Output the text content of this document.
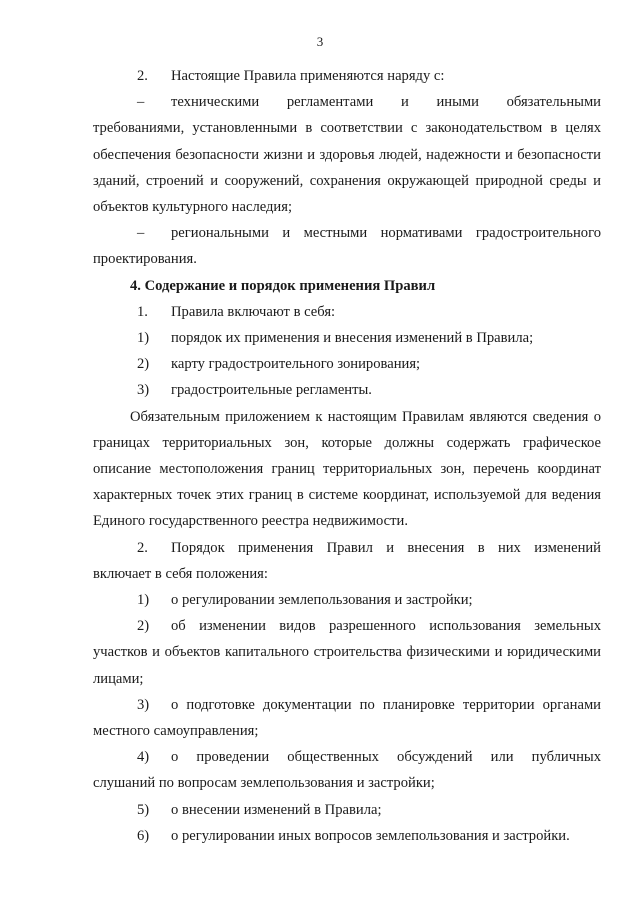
3
2.	Настоящие Правила применяются наряду с:
–	техническими регламентами и иными обязательными

требованиями, установленными в соответствии с законодательством в целях обеспечения безопасности жизни и здоровья людей, надежности и безопасности зданий, строений и сооружений, сохранения окружающей природной среды и объектов культурного наследия;

–	региональными и местными нормативами градостроительного

проектирования.

4. Содержание и порядок применения Правил

1.	Правила включают в себя:
1)	порядок их применения и внесения изменений в Правила;
2)	карту градостроительного зонирования;
3)	градостроительные регламенты.

Обязательным приложением к настоящим Правилам являются сведения о границах территориальных зон, которые должны содержать графическое описание местоположения границ территориальных зон, перечень координат характерных точек этих границ в системе координат, используемой для ведения Единого государственного реестра недвижимости.

2.	Порядок применения Правил и внесения в них изменений

включает в себя положения:

1)	о регулировании землепользования и застройки;
2)	об изменении видов разрешенного использования земельных

участков и объектов капитального строительства физическими и юридическими лицами;

3)	о подготовке документации по планировке территории органами

местного самоуправления;

4)	о проведении общественных обсуждений или публичных

слушаний по вопросам землепользования и застройки;

5)	о внесении изменений в Правила;
6)	о регулировании иных вопросов землепользования и застройки.
